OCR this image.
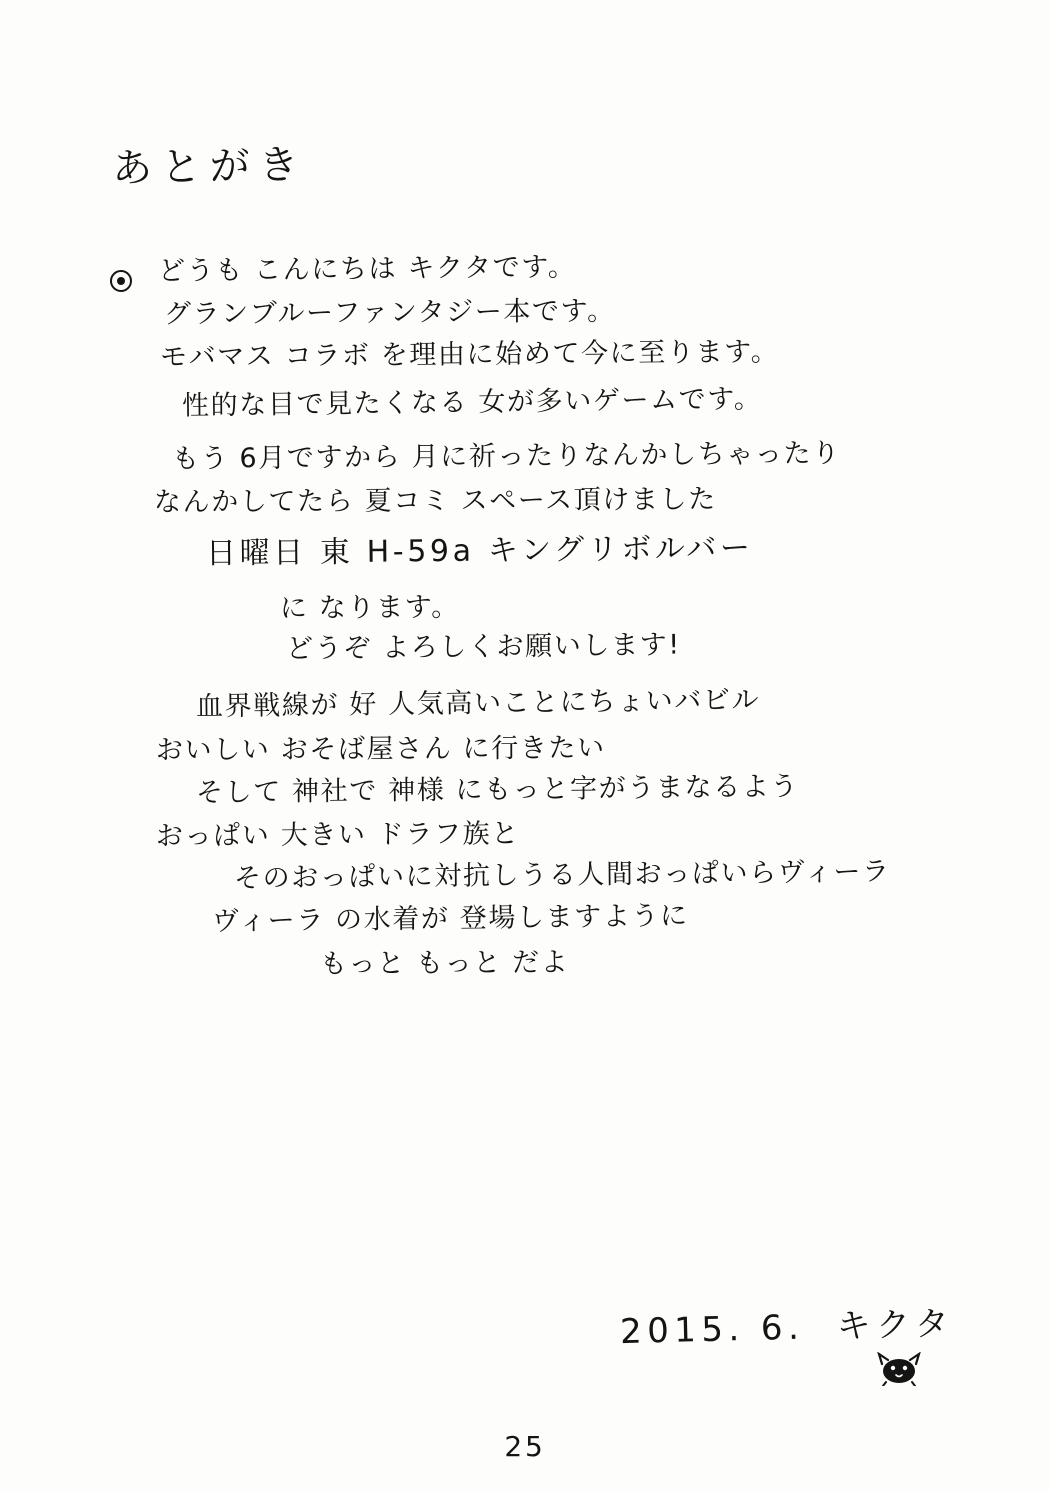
あとがき
どうも こんにちは キクタです。
グランブルーファンタジー本です。
モバマス コラボ を理由に始めて今に至ります。
性的な目で見たくなる 女が多いゲームです。
もう 6月ですから 月に祈ったりなんかしちゃったり
なんかしてたら 夏コミ スペース頂けました
日曜日 東 H-59a キングリボルバー
に なります。
どうぞ よろしくお願いします!
血界戦線が 好 人気高いことにちょいバビル
おいしい おそば屋さん に行きたい
そして 神社で 神様 にもっと字がうまなるよう
おっぱい 大きい ドラフ族と
そのおっぱいに対抗しうる人間おっぱいらヴィーラ
ヴィーラ の水着が 登場しますように
もっと もっと だよ
2015. 6.  キクタ
25
